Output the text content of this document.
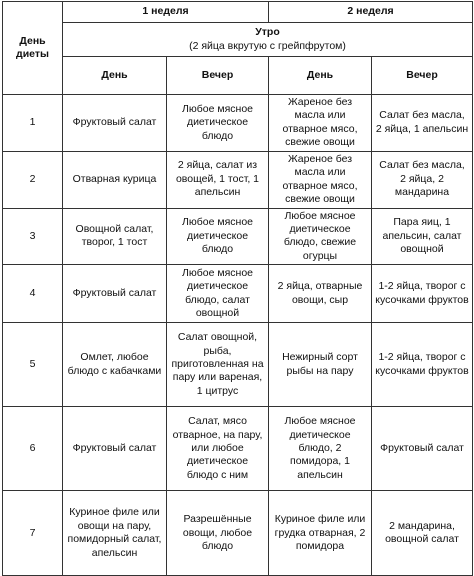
День диеты	1 неделя		2 неделя	

	Утро
(2 яйца вкрутую с грейпфрутом)			

	День	Вечер	День	Вечер
1	Фруктовый салат	Любое мясное диетическое блюдо	Жареное без масла или отварное мясо, свежие овощи	Салат без масла, 2 яйца, 1 апельсин
2	Отварная курица	2 яйца, салат из овощей, 1 тост, 1 апельсин	Жареное без масла или отварное мясо, свежие овощи	Салат без масла, 2 яйца, 2 мандарина
3	Овощной салат, творог, 1 тост	Любое мясное диетическое блюдо	Любое мясное диетическое блюдо, свежие огурцы	Пара яиц, 1 апельсин, салат овощной
4	Фруктовый салат	Любое мясное диетическое блюдо, салат овощной	2 яйца, отварные овощи, сыр	1-2 яйца, творог с кусочками фруктов
5	Омлет, любое блюдо с кабачками	Салат овощной, рыба, приготовленная на пару или вареная, 1 цитрус	Нежирный сорт рыбы на пару	1-2 яйца, творог с кусочками фруктов
6	Фруктовый салат	Салат, мясо отварное, на пару, или любое диетическое блюдо с ним	Любое мясное диетическое блюдо, 2 помидора, 1 апельсин	Фруктовый салат
7	Куриное филе или овощи на пару, помидорный салат, апельсин	Разрешённые овощи, любое блюдо	Куриное филе или грудка отварная, 2 помидора	2 мандарина, овощной салат
